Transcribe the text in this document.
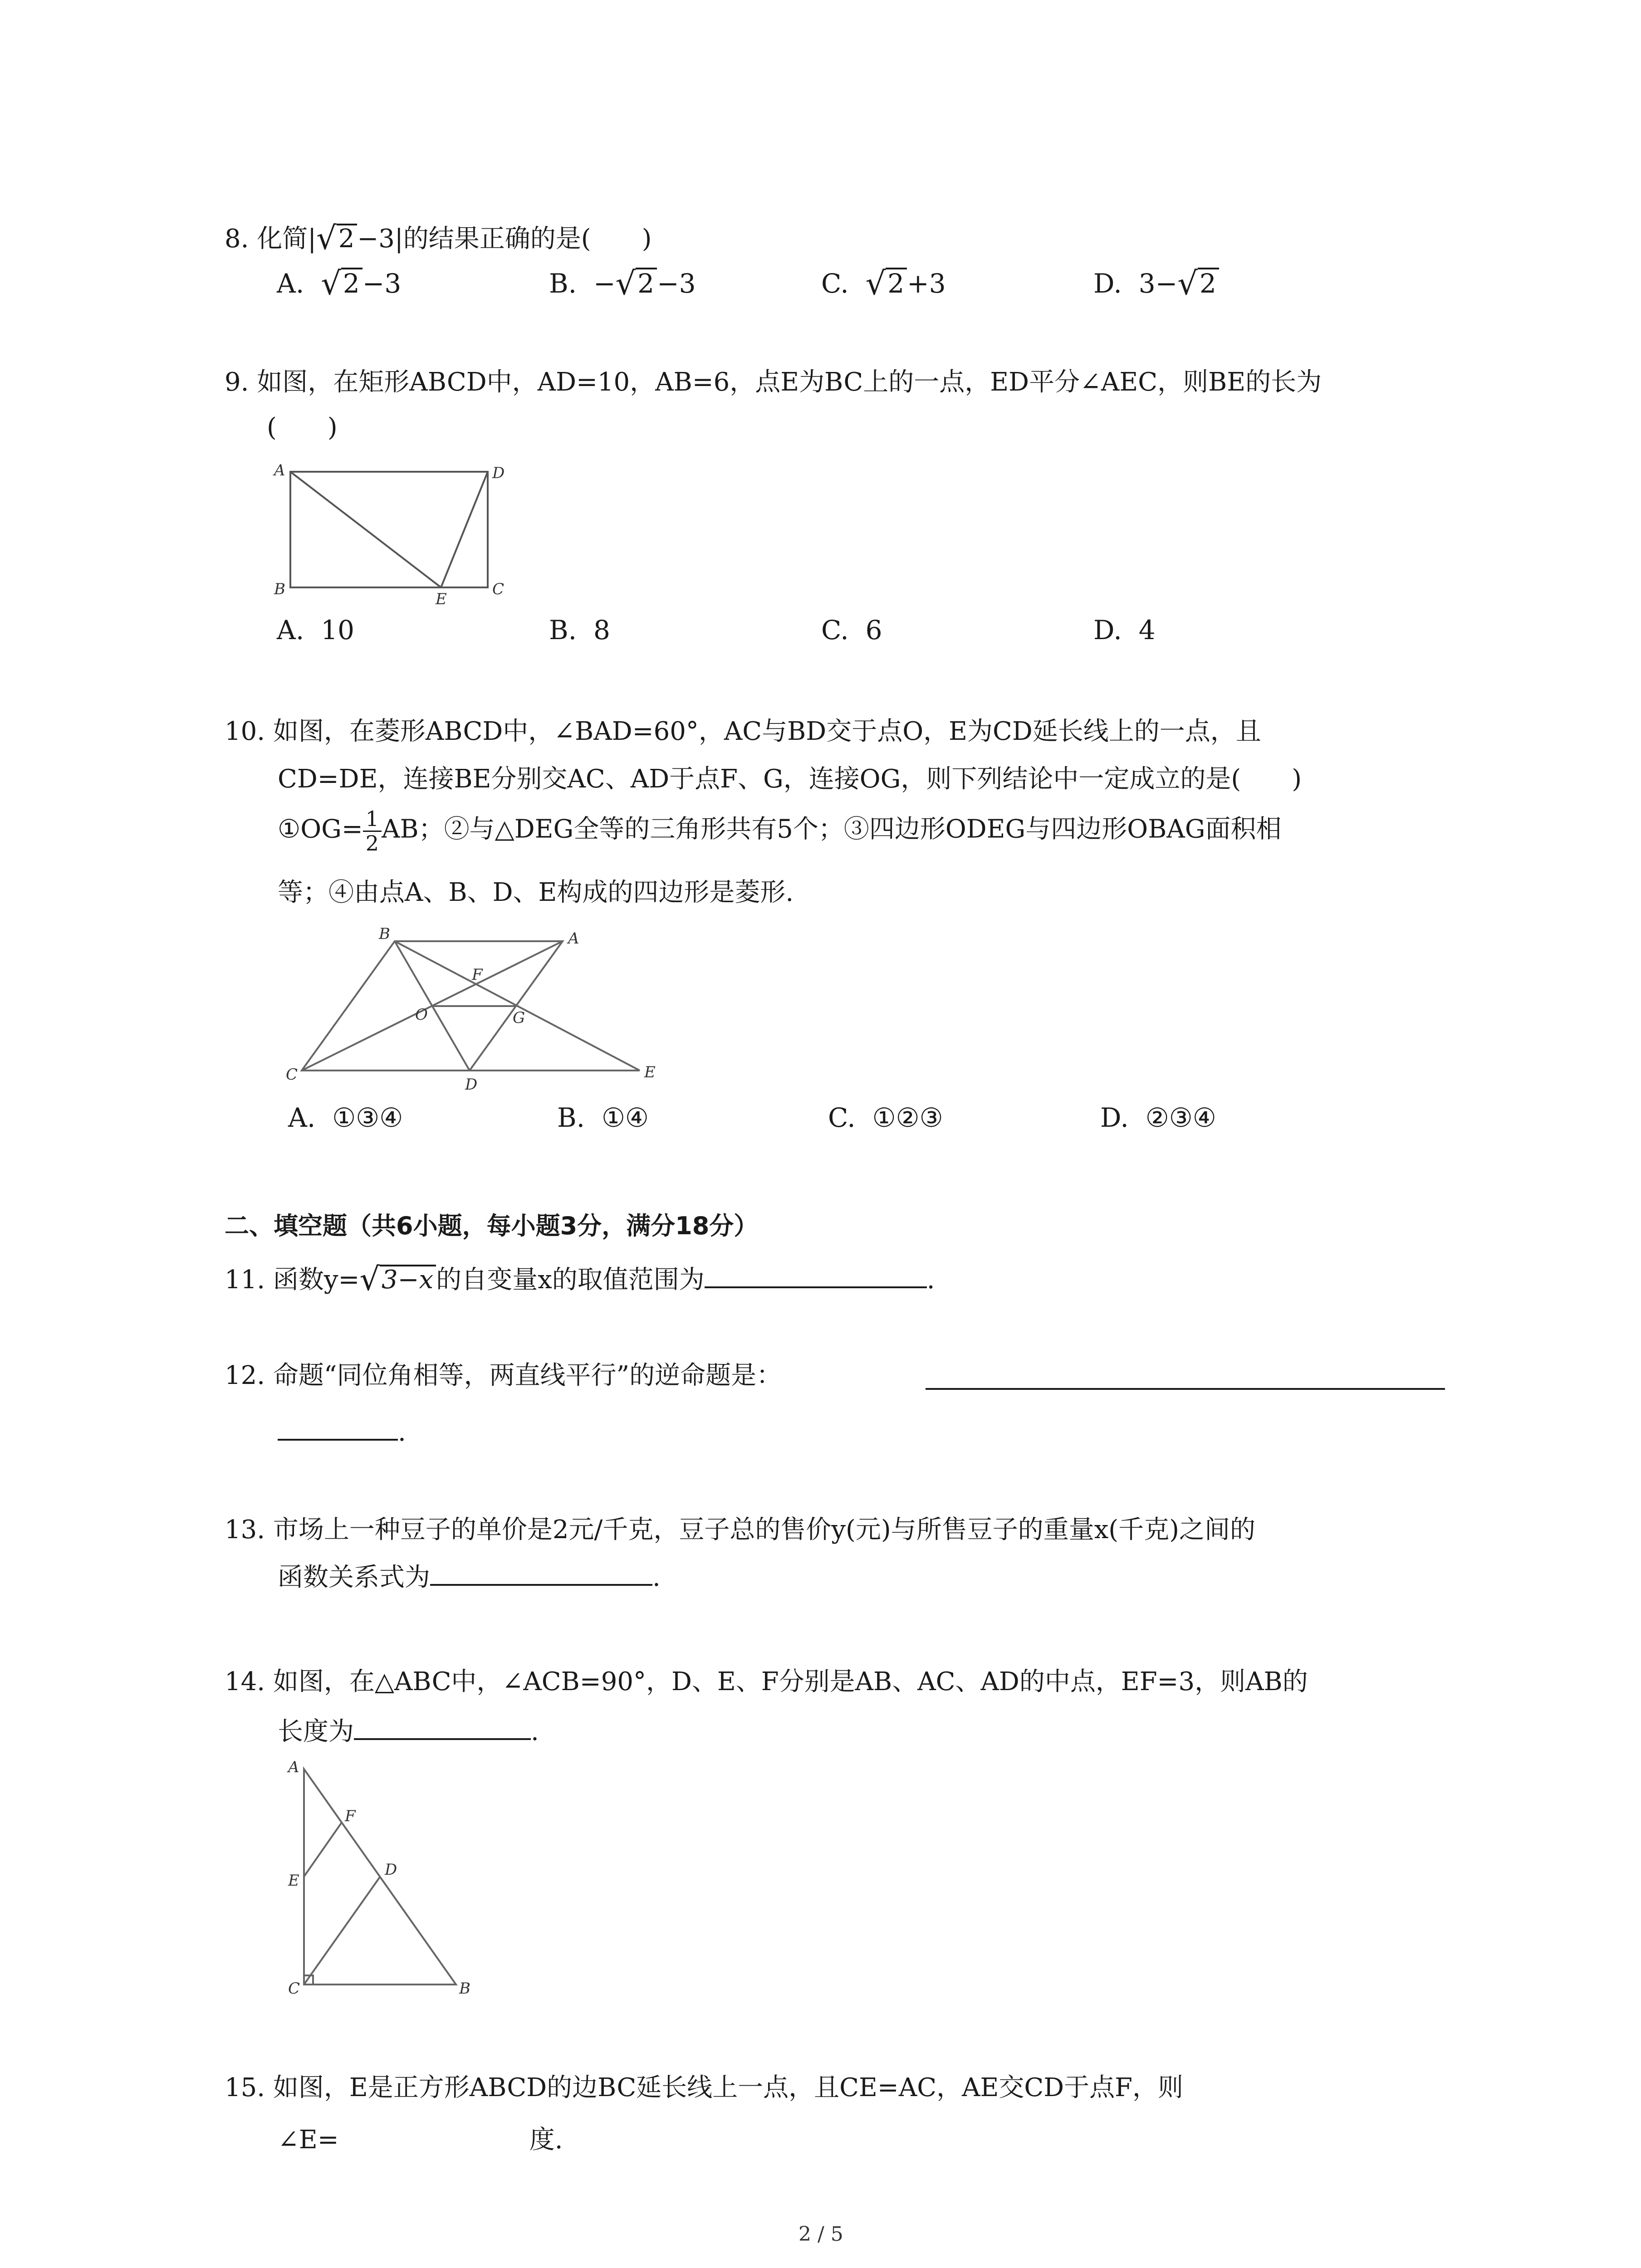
8. 化简|√2 −3|的结果正确的是(　　)
A. √2 −3	B. −√2 −3	C. √2 +3	D. 3−√2
9. 如图，在矩形ABCD中，AD=10，AB=6，点E为BC上的一点，ED平分∠AEC，则BE的长为
(　　)
A	D
B	C
E
A. 10	B. 8	C. 6	D. 4
10. 如图，在菱形ABCD中，∠BAD=60°，AC与BD交于点O，E为CD延长线上的一点，且
CD=DE，连接BE分别交AC、AD于点F、G，连接OG，则下列结论中一定成立的是(　　)
①OG= $\frac{1}{2}$ AB；②与△DEG全等的三角形共有5个；③四边形ODEG与四边形OBAG面积相
等；④由点A、B、D、E构成的四边形是菱形.
B	A
C
D
E
F
O	G
A. ①③④	B. ①④	C. ①②③	D. ②③④
二、填空题（共6小题，每小题3分，满分18分）
11. 函数y=√3−x 的自变量x的取值范围为	.
12. 命题“同位角相等，两直线平行”的逆命题是：
.
13. 市场上一种豆子的单价是2元/千克，豆子总的售价y(元)与所售豆子的重量x(千克)之间的
函数关系式为	.
14. 如图，在△ABC中，∠ACB=90°，D、E、F分别是AB、AC、AD的中点，EF=3，则AB的
长度为	.
A
F
D
E
C	B
15. 如图，E是正方形ABCD的边BC延长线上一点，且CE=AC，AE交CD于点F，则
∠E=	度.
2 / 5
